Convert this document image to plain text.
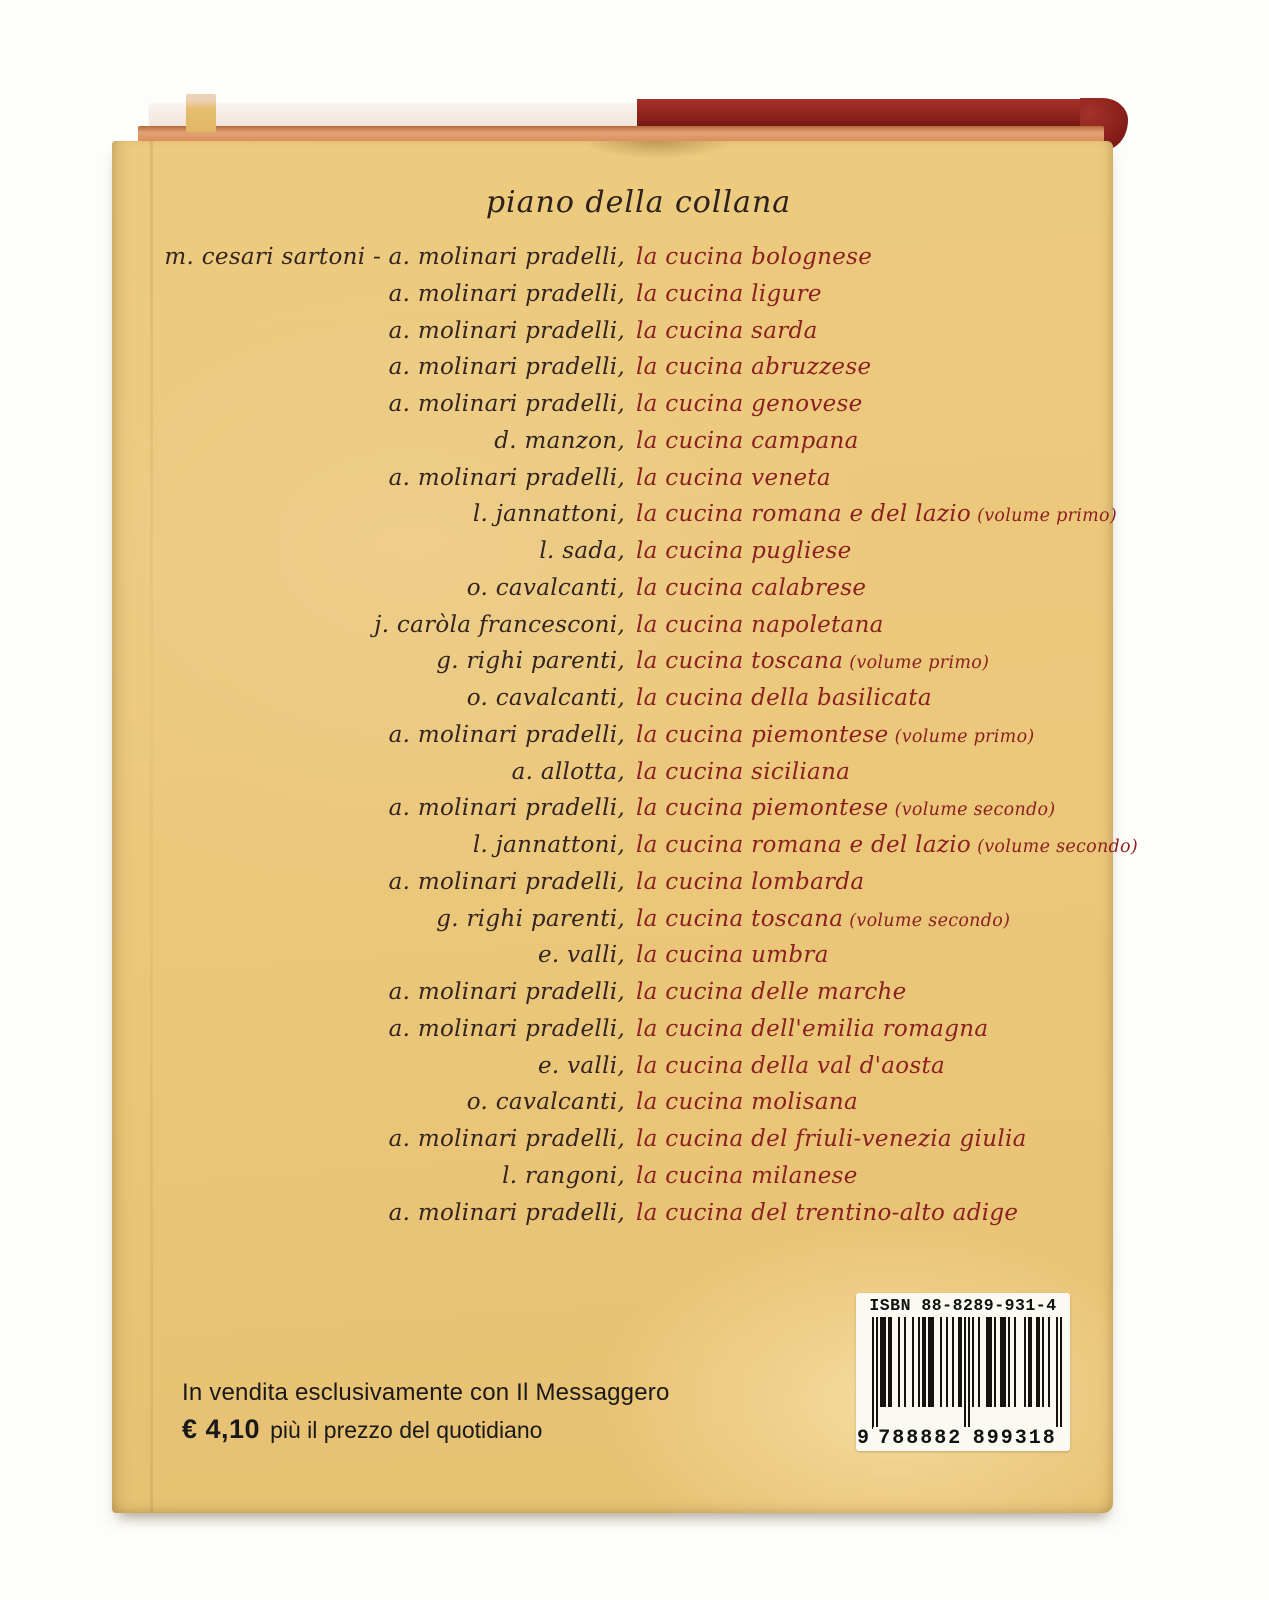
piano della collana
m. cesari sartoni - a. molinari pradelli, la cucina bolognese
a. molinari pradelli, la cucina ligure
a. molinari pradelli, la cucina sarda
a. molinari pradelli, la cucina abruzzese
a. molinari pradelli, la cucina genovese
d. manzon, la cucina campana
a. molinari pradelli, la cucina veneta
l. jannattoni, la cucina romana e del lazio (volume primo)
l. sada, la cucina pugliese
o. cavalcanti, la cucina calabrese
j. caròla francesconi, la cucina napoletana
g. righi parenti, la cucina toscana (volume primo)
o. cavalcanti, la cucina della basilicata
a. molinari pradelli, la cucina piemontese (volume primo)
a. allotta, la cucina siciliana
a. molinari pradelli, la cucina piemontese (volume secondo)
l. jannattoni, la cucina romana e del lazio (volume secondo)
a. molinari pradelli, la cucina lombarda
g. righi parenti, la cucina toscana (volume secondo)
e. valli, la cucina umbra
a. molinari pradelli, la cucina delle marche
a. molinari pradelli, la cucina dell'emilia romagna
e. valli, la cucina della val d'aosta
o. cavalcanti, la cucina molisana
a. molinari pradelli, la cucina del friuli-venezia giulia
l. rangoni, la cucina milanese
a. molinari pradelli, la cucina del trentino-alto adige
In vendita esclusivamente con Il Messaggero
€ 4,10 più il prezzo del quotidiano
ISBN 88-8289-931-4
9 788882 899318
